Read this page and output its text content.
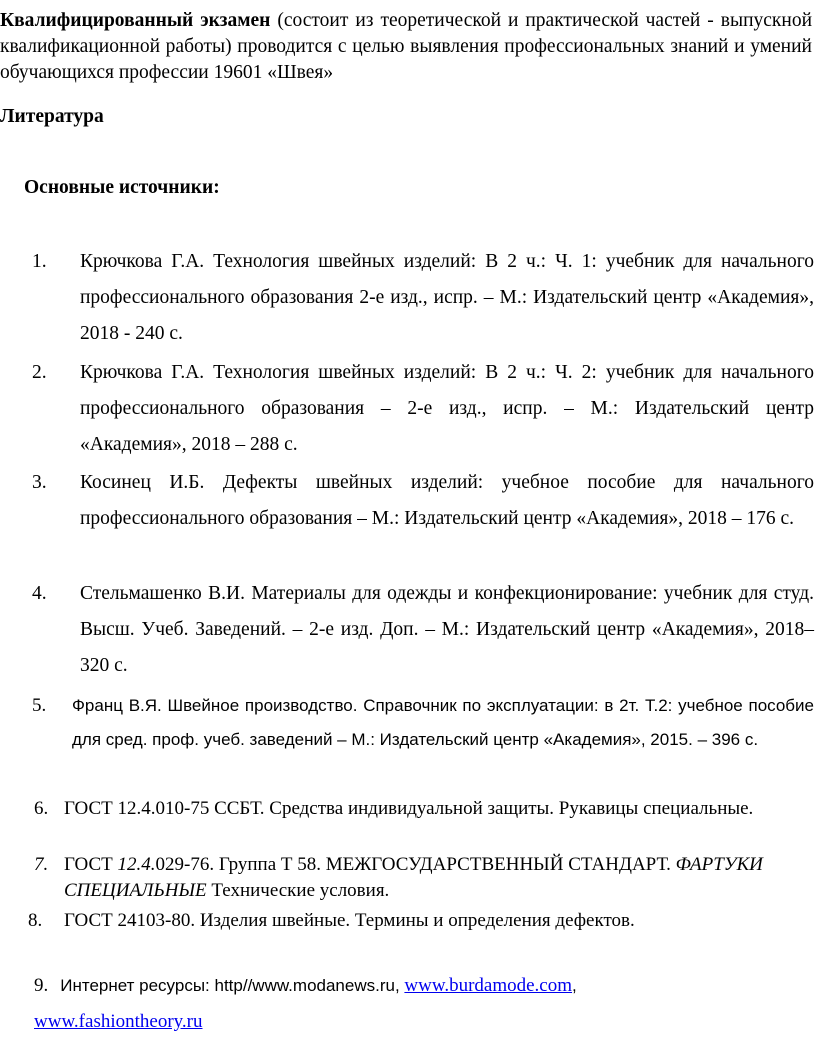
Квалифицированный экзамен (состоит из теоретической и практической частей - выпускной квалификационной работы) проводится с целью выявления профессиональных знаний и умений обучающихся профессии 19601 «Швея»
Литература
Основные источники:
1. Крючкова Г.А. Технология швейных изделий: В 2 ч.: Ч. 1: учебник для начального профессионального образования 2-е изд., испр. – М.: Издательский центр «Академия», 2018 - 240 с.
2. Крючкова Г.А. Технология швейных изделий: В 2 ч.: Ч. 2: учебник для начального профессионального образования – 2-е изд., испр. – М.: Издательский центр «Академия», 2018 – 288 с.
3. Косинец И.Б. Дефекты швейных изделий: учебное пособие для начального профессионального образования – М.: Издательский центр «Академия», 2018 – 176 с.
4. Стельмашенко В.И. Материалы для одежды и конфекционирование: учебник для студ. Высш. Учеб. Заведений. – 2-е изд. Доп. – М.: Издательский центр «Академия», 2018– 320 с.
5. Франц В.Я. Швейное производство. Справочник по эксплуатации: в 2т. Т.2: учебное пособие для сред. проф. учеб. заведений – М.: Издательский центр «Академия», 2015. – 396 с.
6. ГОСТ 12.4.010-75 ССБТ. Средства индивидуальной защиты. Рукавицы специальные.
7. ГОСТ 12.4.029-76. Группа Т 58. МЕЖГОСУДАРСТВЕННЫЙ СТАНДАРТ. ФАРТУКИ СПЕЦИАЛЬНЫЕ Технические условия.
8. ГОСТ 24103-80. Изделия швейные. Термины и определения дефектов.
9. Интернет ресурсы: http//www.modanews.ru, www.burdamode.com,
www.fashiontheory.ru
